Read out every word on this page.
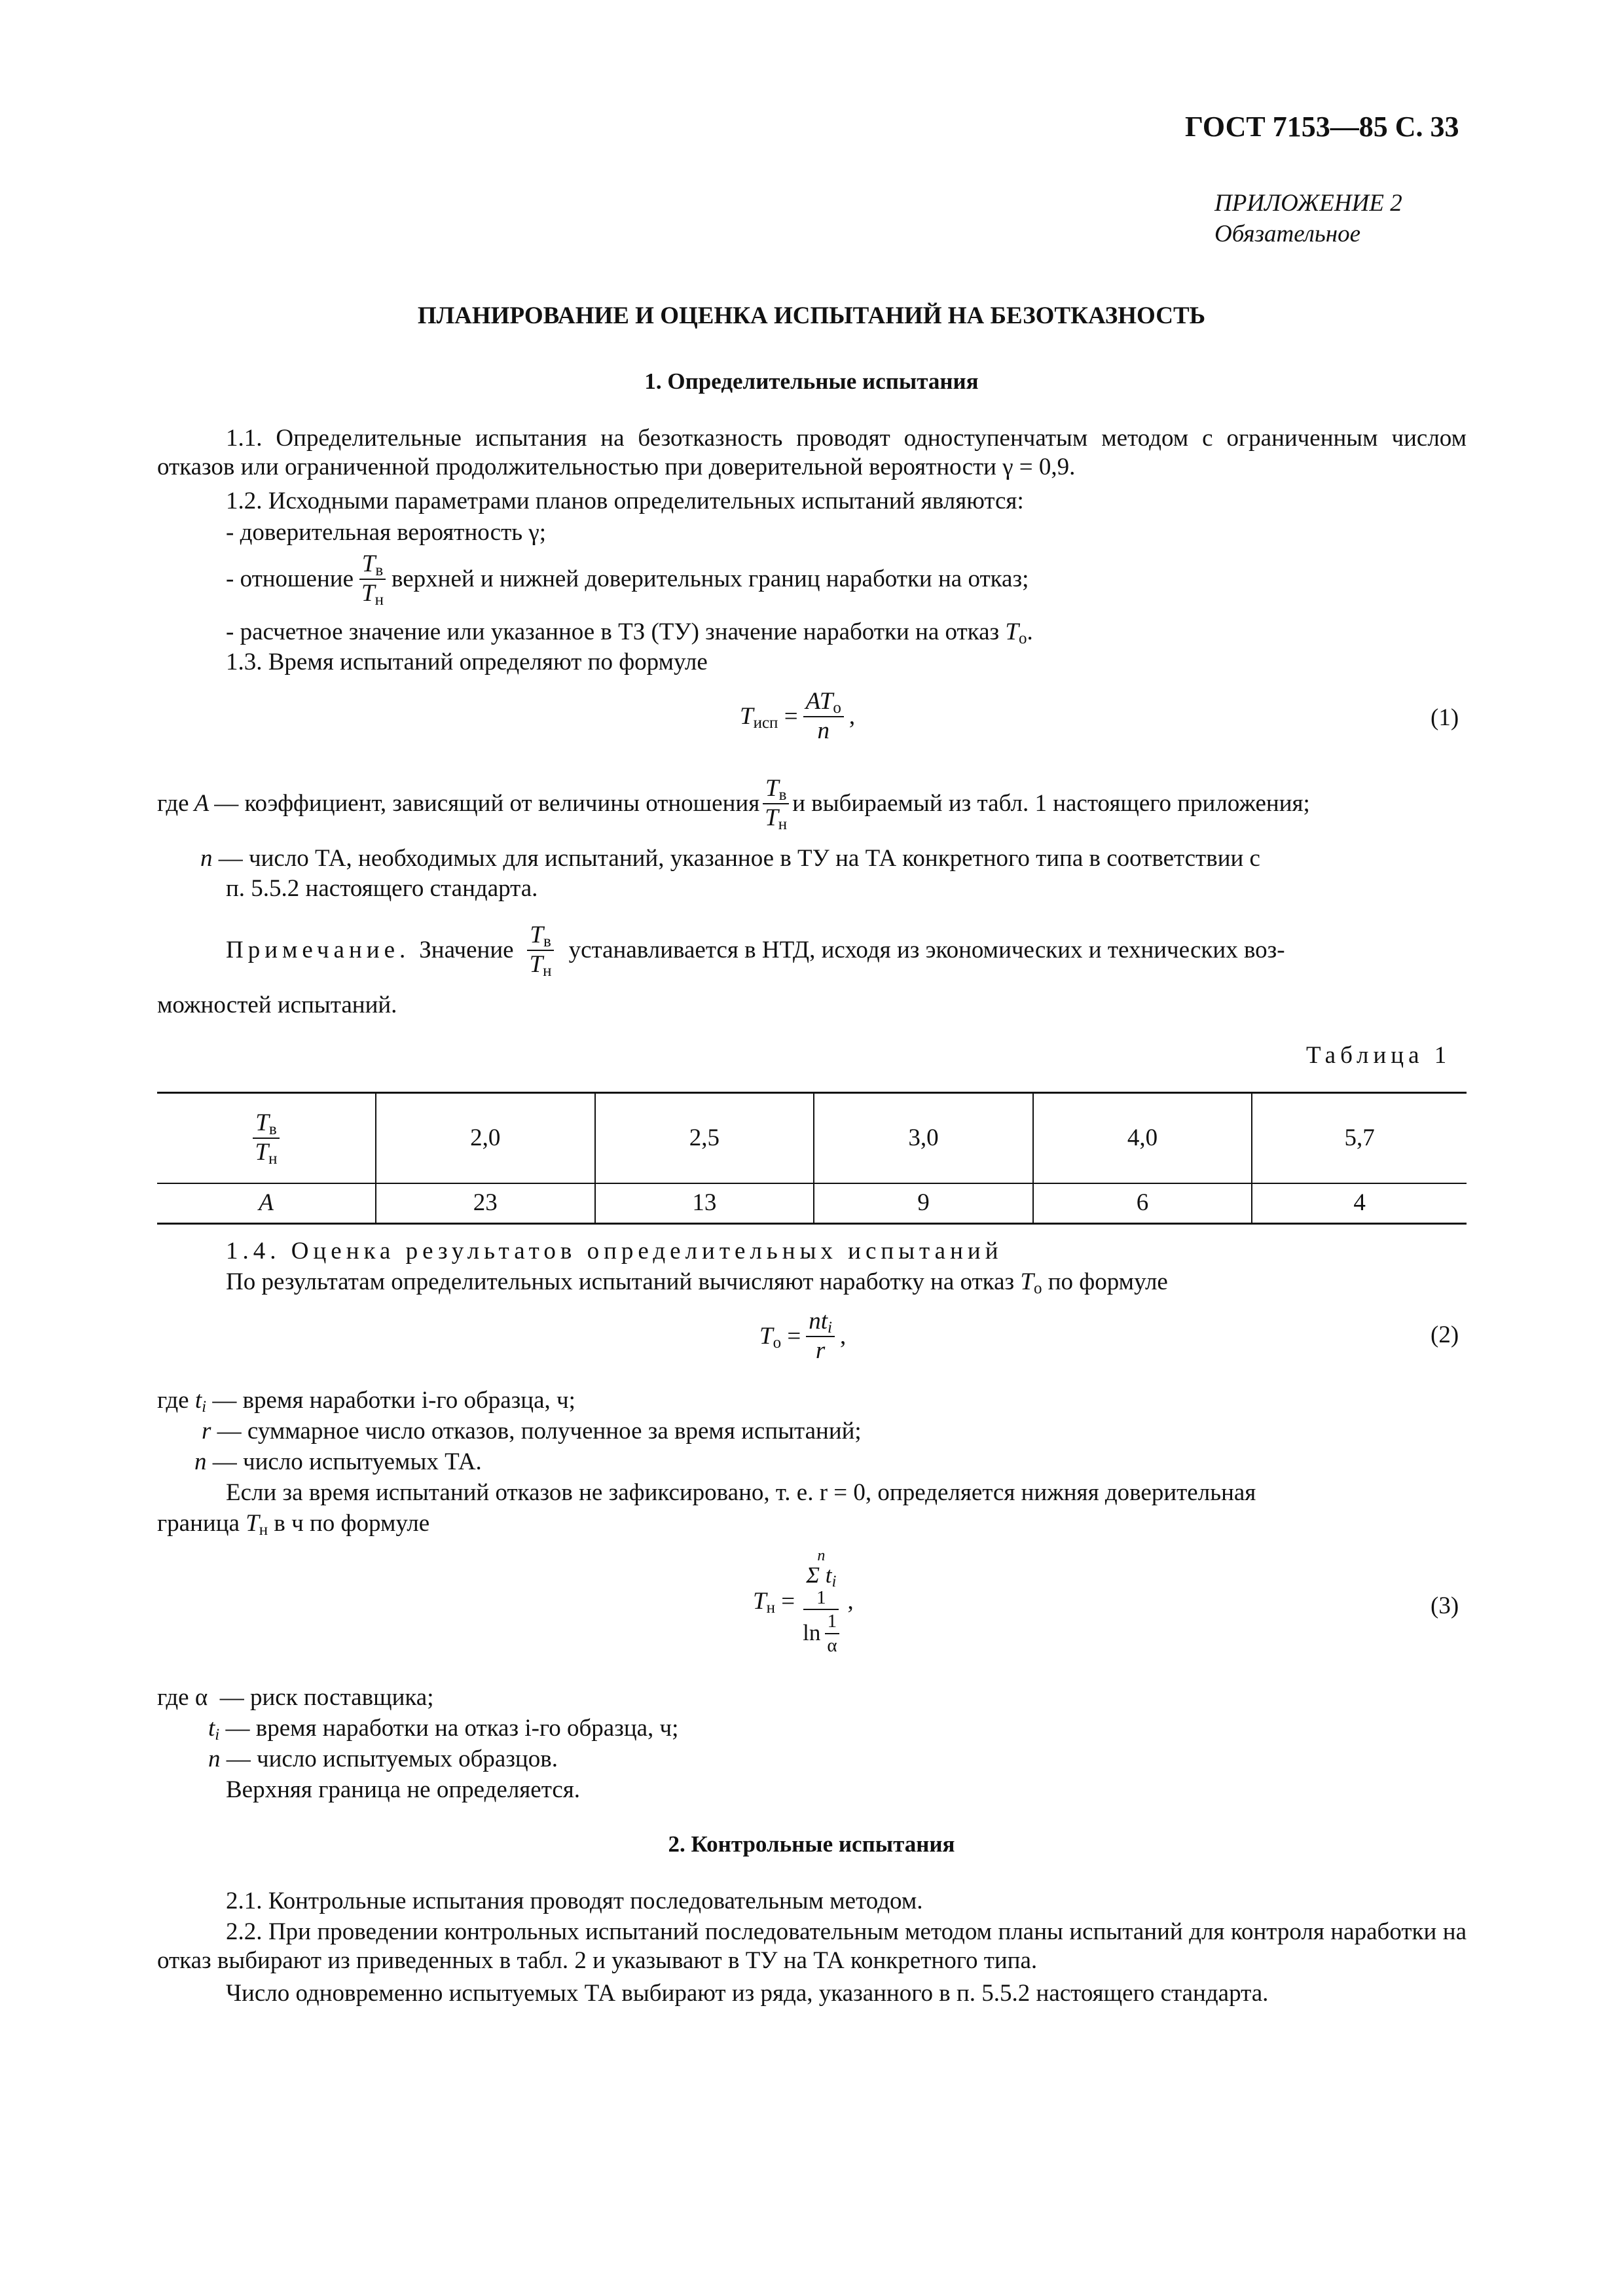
ГОСТ 7153—85 С. 33
ПРИЛОЖЕНИЕ 2
Обязательное
ПЛАНИРОВАНИЕ И ОЦЕНКА ИСПЫТАНИЙ НА БЕЗОТКАЗНОСТЬ
1. Определительные испытания
1.1. Определительные испытания на безотказность проводят одноступенчатым методом с ограниченным числом отказов или ограниченной продолжительностью при доверительной вероятности γ = 0,9.
1.2. Исходными параметрами планов определительных испытаний являются:
- доверительная вероятность γ;
- отношение $\frac{T_в}{T_н}$ верхней и нижней доверительных границ наработки на отказ;
- расчетное значение или указанное в ТЗ (ТУ) значение наработки на отказ $T_о$.
1.3. Время испытаний определяют по формуле
$T_{исп} = \frac{AT_о}{n}$ ,	(1)
где A — коэффициент, зависящий от величины отношения $\frac{T_в}{T_н}$ и выбираемый из табл. 1 настоящего приложения;
n — число ТА, необходимых для испытаний, указанное в ТУ на ТА конкретного типа в соответствии с
п. 5.5.2 настоящего стандарта.
Примечание. Значение $\frac{T_в}{T_н}$ устанавливается в НТД, исходя из экономических и технических воз-
можностей испытаний.
Таблица 1
$\frac{T_в}{T_н}$	2,0	2,5	3,0	4,0	5,7
A	23	13	9	6	4
1.4. Оценка результатов определительных испытаний
По результатам определительных испытаний вычисляют наработку на отказ $T_о$ по формуле
$T_о = \frac{nt_i}{r}$ ,	(2)
где $t_i$ — время наработки i-го образца, ч;
r — суммарное число отказов, полученное за время испытаний;
n — число испытуемых ТА.
Если за время испытаний отказов не зафиксировано, т. е. r = 0, определяется нижняя доверительная
граница $T_н$ в ч по формуле
$T_н = n$
Σ $t_i$
1
$\ln \frac{1}{\alpha}$ ,	(3)
где α  — риск поставщика;
$t_i$ — время наработки на отказ i-го образца, ч;
n — число испытуемых образцов.
Верхняя граница не определяется.
2. Контрольные испытания
2.1. Контрольные испытания проводят последовательным методом.
2.2. При проведении контрольных испытаний последовательным методом планы испытаний для контроля наработки на отказ выбирают из приведенных в табл. 2 и указывают в ТУ на ТА конкретного типа.
Число одновременно испытуемых ТА выбирают из ряда, указанного в п. 5.5.2 настоящего стандарта.
